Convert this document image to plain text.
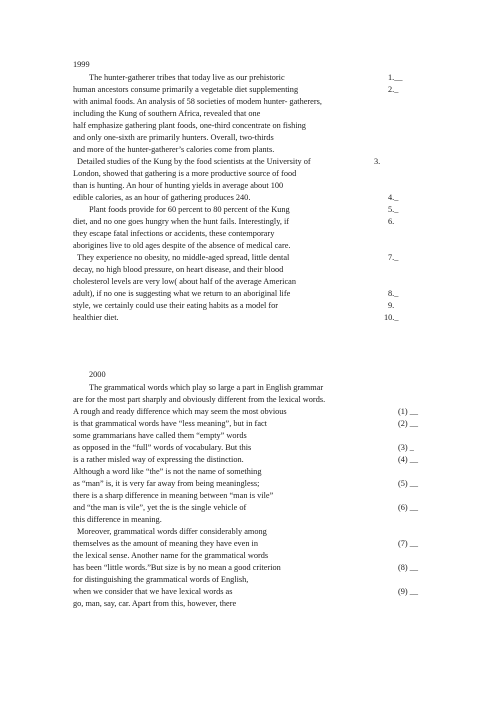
1999
The hunter-gatherer tribes that today live as our prehistoric
human ancestors consume primarily a vegetable diet supplementing
with animal foods. An analysis of 58 societies of modem hunter- gatherers,
including the Kung of southern Africa, revealed that one
half emphasize gathering plant foods, one-third concentrate on fishing
and only one-sixth are primarily hunters. Overall, two-thirds
and more of the hunter-gatherer’s calories come from plants.
Detailed studies of the Kung by the food scientists at the University of
London, showed that gathering is a more productive source of food
than is hunting. An hour of hunting yields in average about 100
edible calories, as an hour of gathering produces 240.
Plant foods provide for 60 percent to 80 percent of the Kung
diet, and no one goes hungry when the hunt fails. Interestingly, if
they escape fatal infections or accidents, these contemporary
aborigines live to old ages despite of the absence of medical care.
They experience no obesity, no middle-aged spread, little dental
decay, no high blood pressure, on heart disease, and their blood
cholesterol levels are very low( about half of the average American
adult), if no one is suggesting what we return to an aboriginal life
style, we certainly could use their eating habits as a model for
healthier diet.
1.__
2._
3.
4._
5._
6.
7._
8._
9.
10._
2000
The grammatical words which play so large a part in English grammar
are for the most part sharply and obviously different from the lexical words.
A rough and ready difference which may seem the most obvious
is that grammatical words have “less meaning”, but in fact
some grammarians have called them “empty” words
as opposed in the “full” words of vocabulary. But this
is a rather misled way of expressing the distinction.
Although a word like “the” is not the name of something
as “man” is, it is very far away from being meaningless;
there is a sharp difference in meaning between “man is vile”
and “the man is vile”, yet the is the single vehicle of
this difference in meaning.
Moreover, grammatical words differ considerably among
themselves as the amount of meaning they have even in
the lexical sense. Another name for the grammatical words
has been “little words.”But size is by no mean a good criterion
for distinguishing the grammatical words of English,
when we consider that we have lexical words as
go, man, say, car. Apart from this, however, there
(1) __
(2) __
(3) _
(4) __
(5) __
(6) __
(7) __
(8) __
(9) __
